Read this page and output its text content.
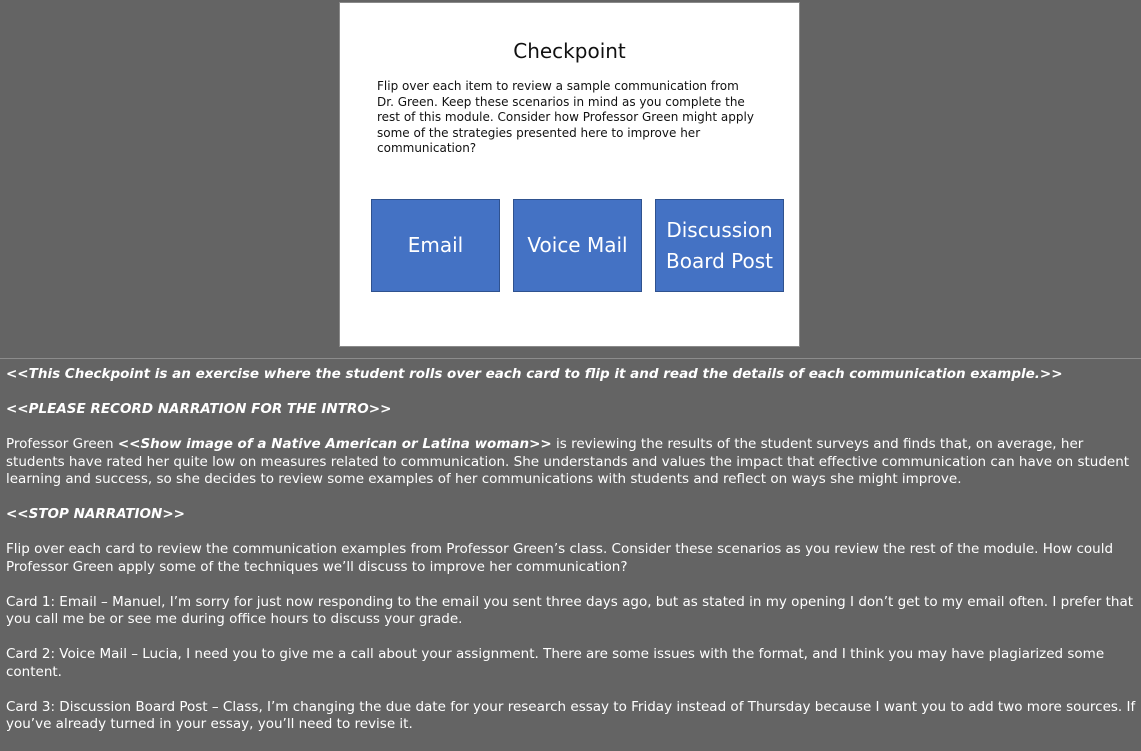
Checkpoint

Flip over each item to review a sample communication from Dr. Green. Keep these scenarios in mind as you complete the rest of this module. Consider how Professor Green might apply some of the strategies presented here to improve her communication?

Email	Voice Mail
Discussion Board Post

<<This Checkpoint is an exercise where the student rolls over each card to flip it and read the details of each communication example.>>

<<PLEASE RECORD NARRATION FOR THE INTRO>>

Professor Green <<Show image of a Native American or Latina woman>> is reviewing the results of the student surveys and finds that, on average, her students have rated her quite low on measures related to communication. She understands and values the impact that effective communication can have on student learning and success, so she decides to review some examples of her communications with students and reflect on ways she might improve.

<<STOP NARRATION>>

Flip over each card to review the communication examples from Professor Green’s class. Consider these scenarios as you review the rest of the module. How could Professor Green apply some of the techniques we’ll discuss to improve her communication?

Card 1: Email – Manuel, I’m sorry for just now responding to the email you sent three days ago, but as stated in my opening I don’t get to my email often. I prefer that you call me be or see me during office hours to discuss your grade.

Card 2: Voice Mail – Lucia, I need you to give me a call about your assignment. There are some issues with the format, and I think you may have plagiarized some content.

Card 3: Discussion Board Post – Class, I’m changing the due date for your research essay to Friday instead of Thursday because I want you to add two more sources. If you’ve already turned in your essay, you’ll need to revise it.
